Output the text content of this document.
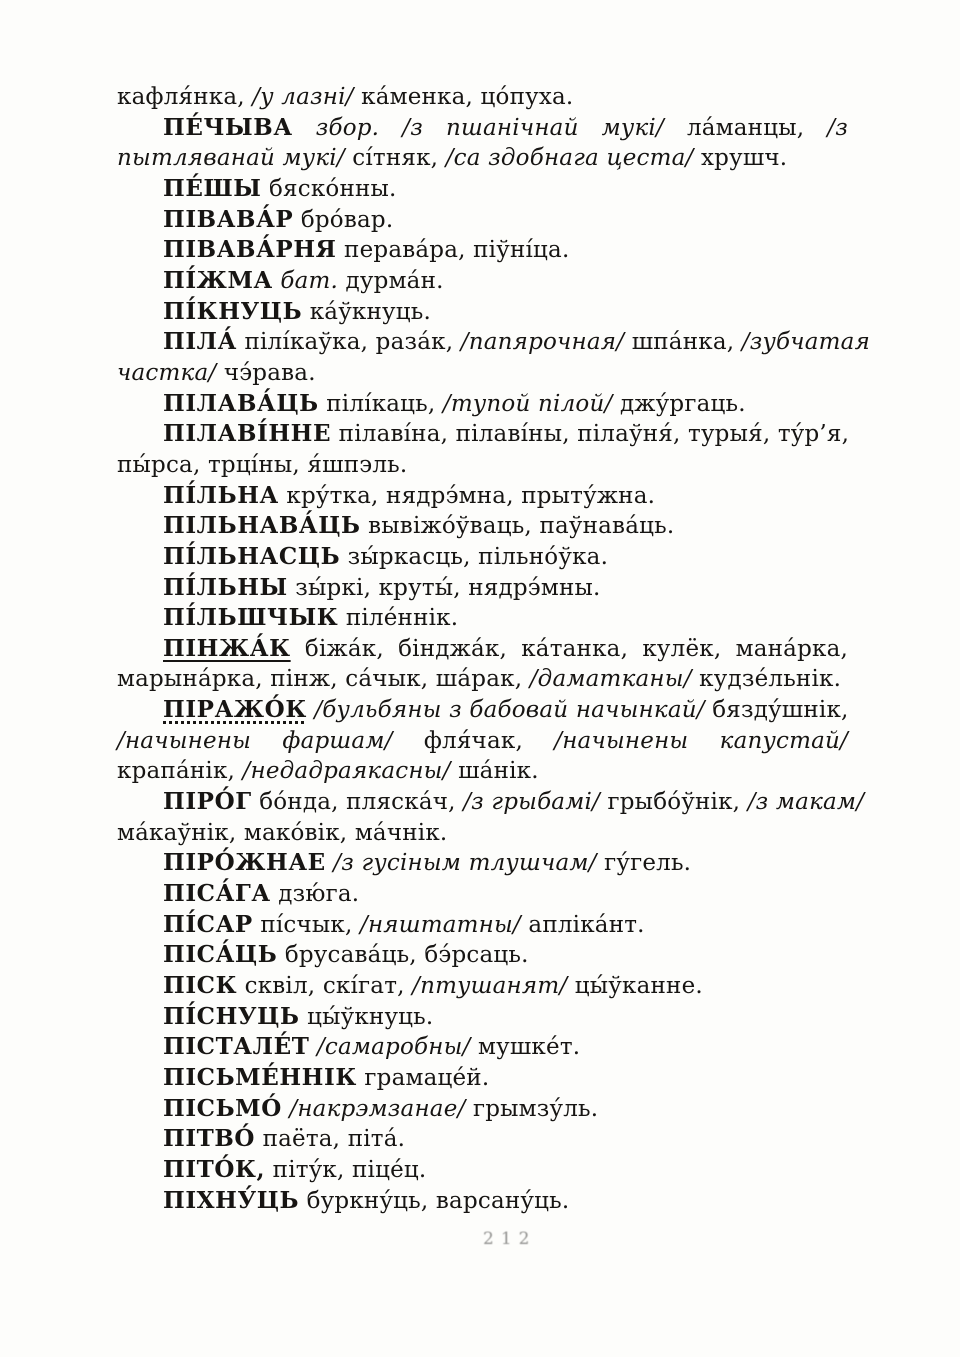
кафля́нка, /у лазні/ ка́менка, цо́пуха.
ПЕ́ЧЫВА збор. /з пшанічнай мукі/ ла́манцы, /з
пытляванай мукі/ сі́тняк, /са здобнага цеста/ хрушч.
ПЕ́ШЫ бяско́нны.
ПІВАВА́Р бро́вар.
ПІВАВА́РНЯ перава́ра, піўні́ца.
ПІ́ЖМА бат. дурма́н.
ПІ́КНУЦЬ ка́ўкнуць.
ПІЛА́ пілі́каўка, раза́к, /папярочная/ шпа́нка, /зубчатая
частка/ чэ́рава.
ПІЛАВА́ЦЬ пілі́каць, /тупой пілой/ джу́ргаць.
ПІЛАВІ́ННЕ пілаві́на, пілаві́ны, пілаўня́, турыя́, ту́р’я,
пы́рса, трці́ны, я́шпэль.
ПІ́ЛЬНА кру́тка, нядрэ́мна, прыту́жна.
ПІЛЬНАВА́ЦЬ вывіжо́ўваць, паўнава́ць.
ПІ́ЛЬНАСЦЬ зы́ркасць, пільно́ўка.
ПІ́ЛЬНЫ зы́ркі, круты́, нядрэ́мны.
ПІ́ЛЬШЧЫК піле́ннік.
ПІНЖА́К біжа́к, бінджа́к, ка́танка, кулёк, мана́рка,
марына́рка, пінж, са́чык, ша́рак, /даматканы/ кудзе́льнік.
ПІРАЖО́К /бульбяны з бабовай начынкай/ бязду́шнік,
/начынены фаршам/ фля́чак, /начынены капустай/
крапа́нік, /недадраякасны/ ша́нік.
ПІРО́Г бо́нда, пляска́ч, /з грыбамі/ грыбо́ўнік, /з макам/
ма́каўнік, мако́вік, ма́чнік.
ПІРО́ЖНАЕ /з гусіным тлушчам/ гу́гель.
ПІСА́ГА дзю́га.
ПІ́САР пі́счык, /няштатны/ апліка́нт.
ПІСА́ЦЬ брусава́ць, бэ́рсаць.
ПІСК сквіл, скі́гат, /птушанят/ цы́ўканне.
ПІ́СНУЦЬ цы́ўкнуць.
ПІСТАЛЕ́Т /самаробны/ мушке́т.
ПІСЬМЕ́ННІК грамаце́й.
ПІСЬМО́ /накрэмзанае/ грымзу́ль.
ПІТВО́ паёта, піта́.
ПІТО́К, піту́к, піце́ц.
ПІХНУ́ЦЬ буркну́ць, варсану́ць.
212
